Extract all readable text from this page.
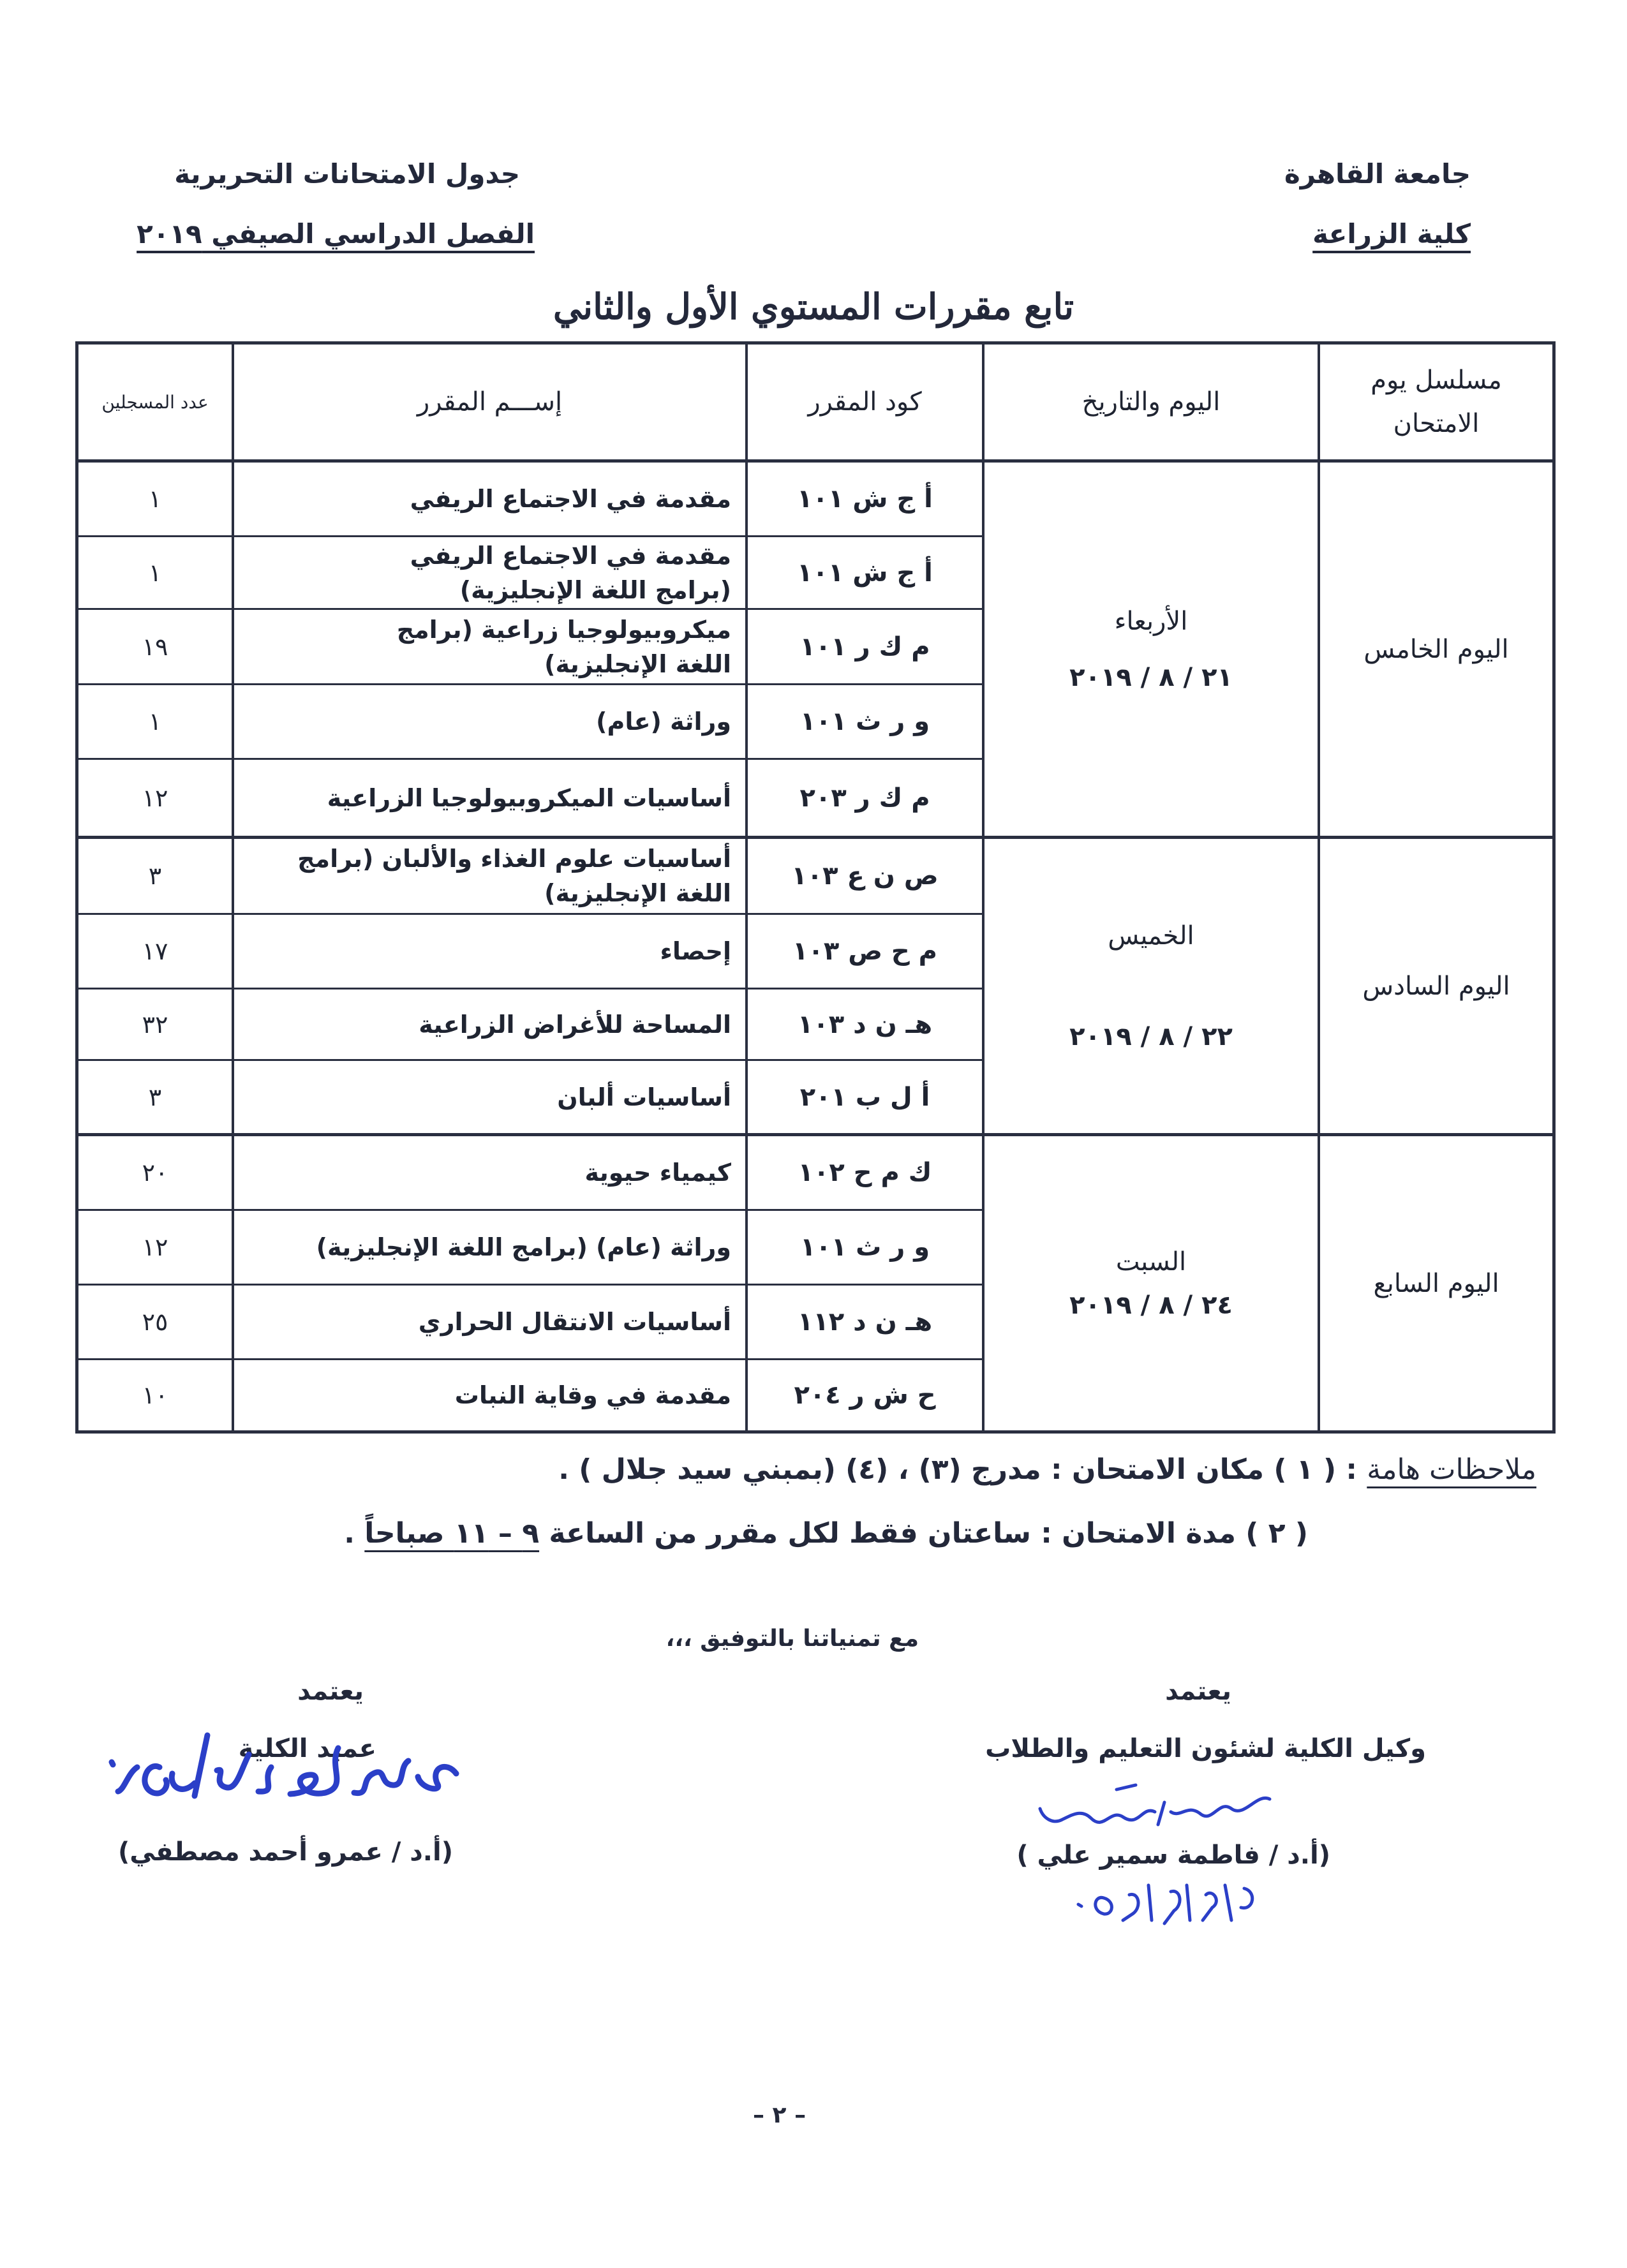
جامعة القاهرة
كلية الزراعة
جدول الامتحانات التحريرية
الفصل الدراسي الصيفي ٢٠١٩
تابع مقررات المستوي الأول والثاني
مسلسل يوم الامتحان
اليوم والتاريخ
كود المقرر
إســـم المقرر
عدد المسجلين
اليوم الخامس
الأربعاء
٢١ / ٨ / ٢٠١٩
أ ج ش ١٠١
مقدمة في الاجتماع الريفي
١
أ ج ش ١٠١
مقدمة في الاجتماع الريفي (برامج اللغة الإنجليزية)
١
م ك ر ١٠١
ميكروبيولوجيا زراعية (برامج اللغة الإنجليزية)
١٩
و ر ث ١٠١
وراثة (عام)
١
م ك ر ٢٠٣
أساسيات الميكروبيولوجيا الزراعية
١٢
اليوم السادس
الخميس
٢٢ / ٨ / ٢٠١٩
ص ن ع ١٠٣
أساسيات علوم الغذاء والألبان (برامج اللغة الإنجليزية)
٣
م ح ص ١٠٣
إحصاء
١٧
هـ ن د ١٠٣
المساحة للأغراض الزراعية
٣٢
أ ل ب ٢٠١
أساسيات ألبان
٣
اليوم السابع
السبت
٢٤ / ٨ / ٢٠١٩
ك م ح ١٠٢
كيمياء حيوية
٢٠
و ر ث ١٠١
وراثة (عام) (برامج اللغة الإنجليزية)
١٢
هـ ن د ١١٢
أساسيات الانتقال الحراري
٢٥
ح ش ر ٢٠٤
مقدمة في وقاية النبات
١٠
ملاحظات هامة : ( ١ ) مكان الامتحان : مدرج (٣) ، (٤) (بمبني سيد جلال ) .
( ٢ ) مدة الامتحان : ساعتان فقط لكل مقرر من الساعة ٩ – ١١ صباحاً .
مع تمنياتنا بالتوفيق ،،،
يعتمد
وكيل الكلية لشئون التعليم والطلاب
(أ.د / فاطمة سمير علي )
يعتمد
عميد الكلية
(أ.د / عمرو أحمد مصطفي)
– ٢ –
